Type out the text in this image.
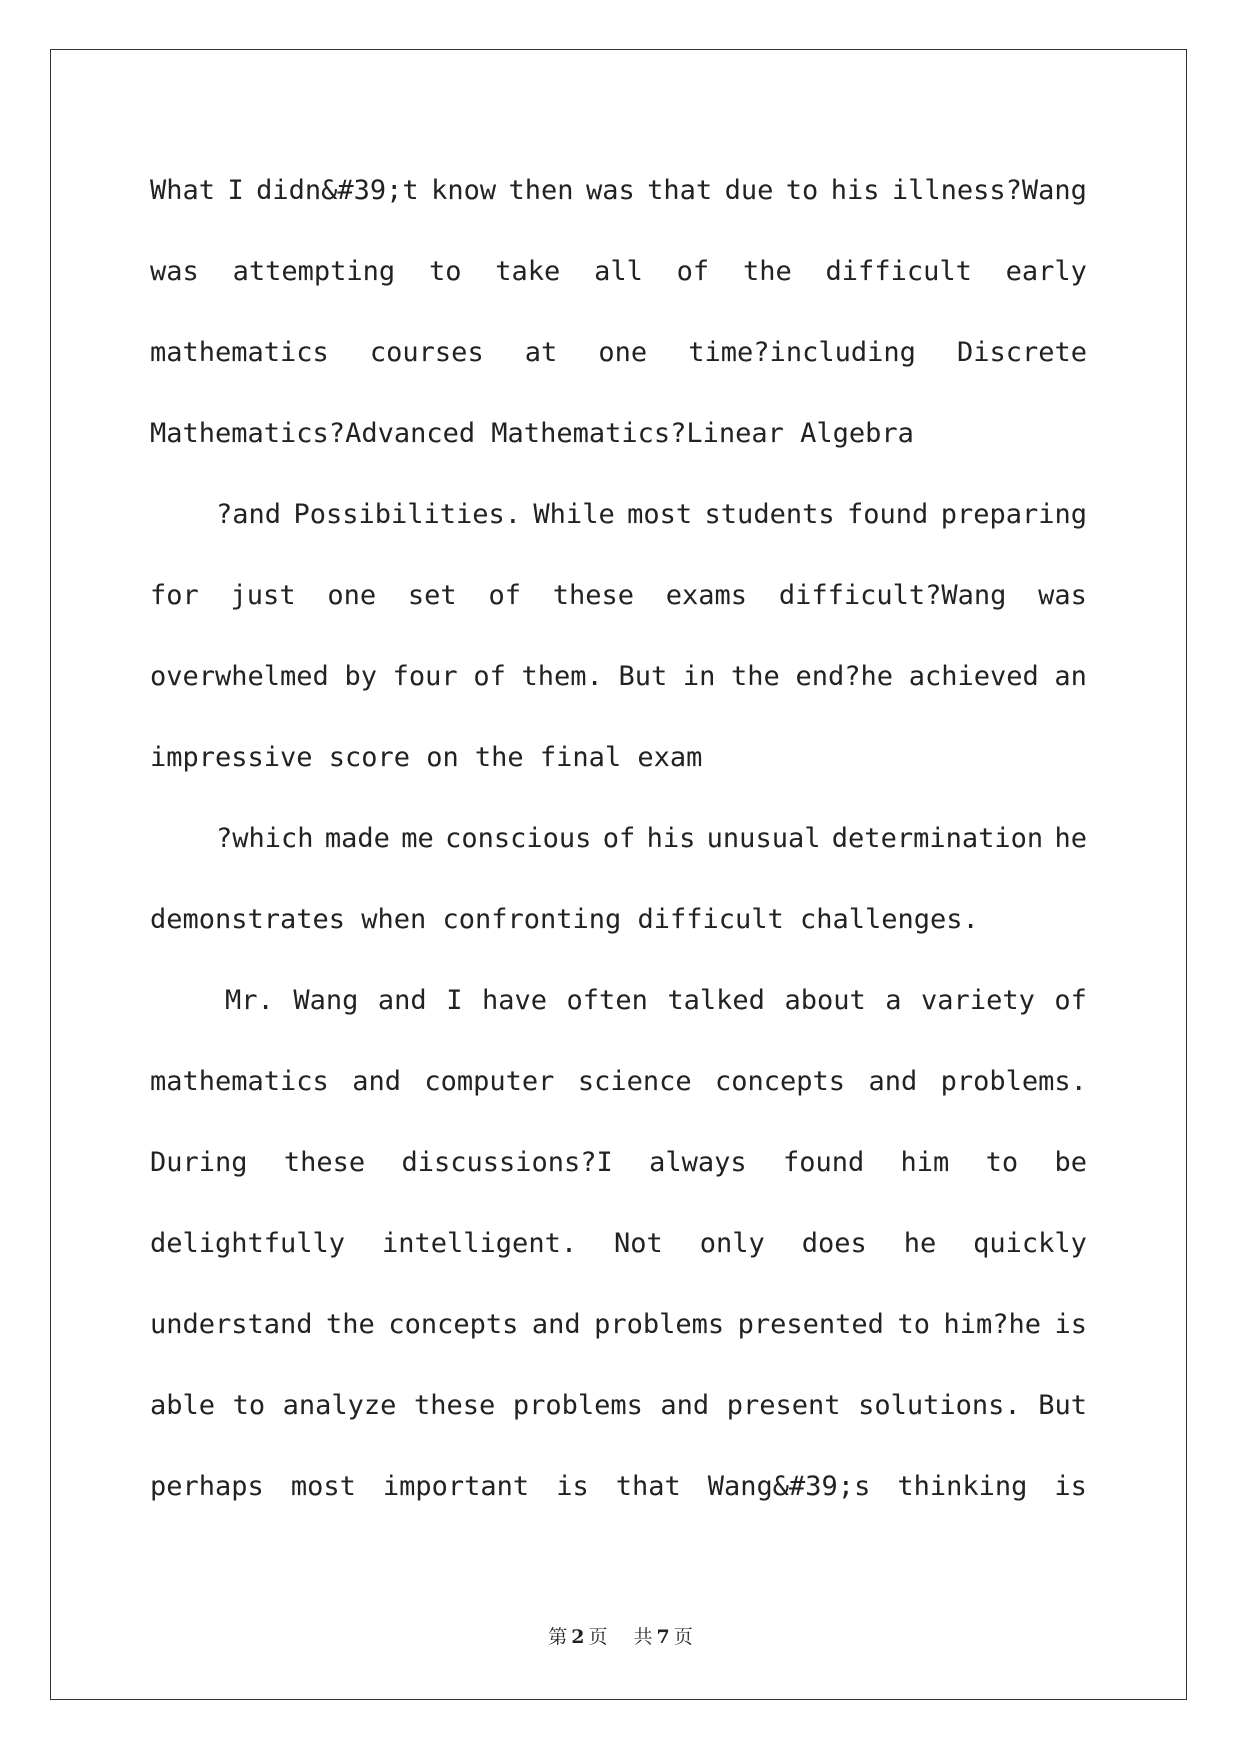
What I didn&#39;t know then was that due to his illness?Wang
was attempting to take all of the difficult early
mathematics courses at one time?including Discrete
Mathematics?Advanced Mathematics?Linear Algebra
?and Possibilities. While most students found preparing
for just one set of these exams difficult?Wang was
overwhelmed by four of them. But in the end?he achieved an
impressive score on the final exam
?which made me conscious of his unusual determination he
demonstrates when confronting difficult challenges.
Mr. Wang and I have often talked about a variety of
mathematics and computer science concepts and problems.
During these discussions?I always found him to be
delightfully intelligent. Not only does he quickly
understand the concepts and problems presented to him?he is
able to analyze these problems and present solutions. But
perhaps most important is that Wang&#39;s thinking is
第 2 页 共 7 页
